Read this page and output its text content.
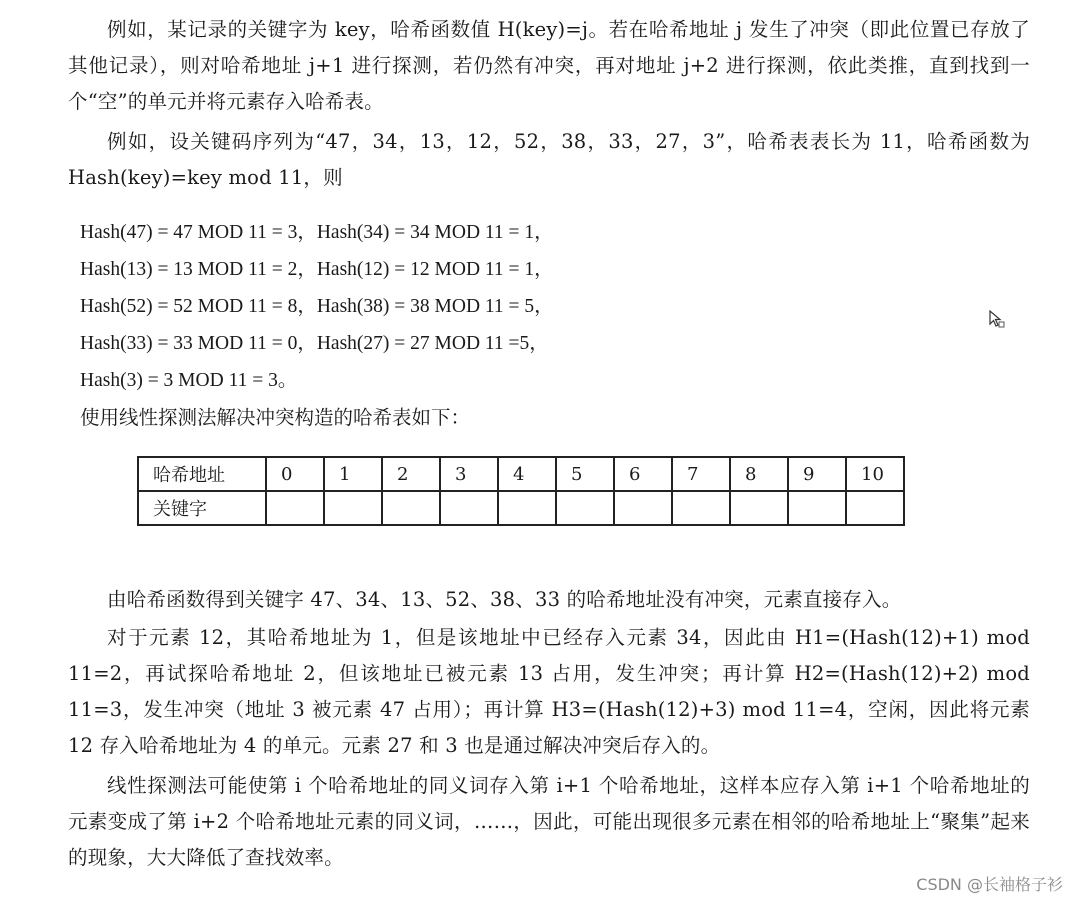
例如，某记录的关键字为 key，哈希函数值 H(key)=j。若在哈希地址 j 发生了冲突（即此位置已存放了其他记录），则对哈希地址 j+1 进行探测，若仍然有冲突，再对地址 j+2 进行探测，依此类推，直到找到一个“空”的单元并将元素存入哈希表。

例如，设关键码序列为“47，34，13，12，52，38，33，27，3”，哈希表表长为 11，哈希函数为 Hash(key)=key mod 11，则

Hash(47) = 47 MOD 11 = 3，Hash(34) = 34 MOD 11 = 1，
Hash(13) = 13 MOD 11 = 2，Hash(12) = 12 MOD 11 = 1，
Hash(52) = 52 MOD 11 = 8，Hash(38) = 38 MOD 11 = 5，
Hash(33) = 33 MOD 11 = 0，Hash(27) = 27 MOD 11 =5，
Hash(3) = 3 MOD 11 = 3。

使用线性探测法解决冲突构造的哈希表如下：

哈希地址	0	1	2	3	4	5	6	7	8	9	10
关键字											

由哈希函数得到关键字 47、34、13、52、38、33 的哈希地址没有冲突，元素直接存入。

对于元素 12，其哈希地址为 1，但是该地址中已经存入元素 34，因此由 H1=(Hash(12)+1) mod 11=2，再试探哈希地址 2，但该地址已被元素 13 占用，发生冲突；再计算 H2=(Hash(12)+2) mod 11=3，发生冲突（地址 3 被元素 47 占用）；再计算 H3=(Hash(12)+3) mod 11=4，空闲，因此将元素 12 存入哈希地址为 4 的单元。元素 27 和 3 也是通过解决冲突后存入的。

线性探测法可能使第 i 个哈希地址的同义词存入第 i+1 个哈希地址，这样本应存入第 i+1 个哈希地址的元素变成了第 i+2 个哈希地址元素的同义词，……，因此，可能出现很多元素在相邻的哈希地址上“聚集”起来的现象，大大降低了查找效率。

CSDN @长袖格子衫
